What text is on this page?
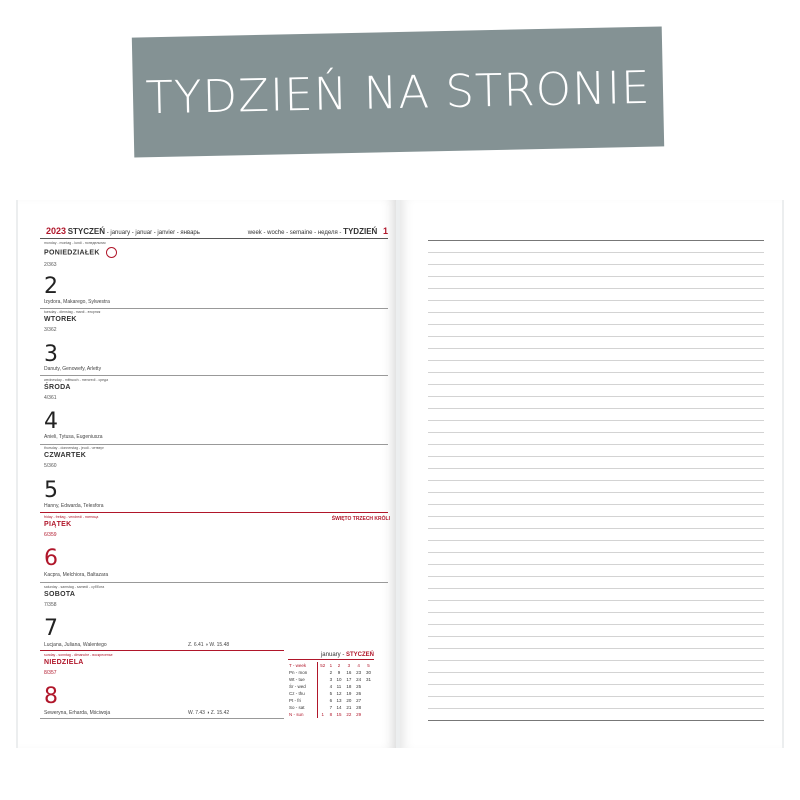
TYDZIEŃ NA STRONIE
2023 STYCZEŃ - january - januar - janvier - январь	week - woche - semaine - неделя - TYDZIEŃ 1
monday - montag - lundi - понедельник
PONIEDZIAŁEK
2/363
2
Izydora, Makarego, Sylwestra
tuesday - dienstag - mardi - вторник
WTOREK
3/362
3
Danuty, Genowefy, Arletty
wednesday - mittwoch - mercredi - среда
ŚRODA
4/361
4
Anieli, Tytusa, Eugeniusza
thursday - donnerstag - jeudi - четверг
CZWARTEK
5/360
5
Hanny, Edwarda, Telesfora
friday - freitag - vendredi - пятница
PIĄTEK
6/359
ŚWIĘTO TRZECH KRÓLI
6
Kacpra, Melchiora, Baltazara
saturday - samstag - samedi - суббота
SOBOTA
7/358
7
Lucjana, Juliana, Walentego	Z. 6.41 ◑ W. 15.48
sunday - sonntag - dimanche - воскресенье
NIEDZIELA
8/357
8
Seweryna, Erharda, Mściwoja	W. 7.43 ◑ Z. 15.42
january - STYCZEŃ
T - week	52	1	2	3	4	5
Pn - mon		2	9	16	23	30
Wt - tue		3	10	17	24	31
Śr - wed		4	11	18	25	
Cz - thu		5	12	19	26	
Pt - fri		6	13	20	27	
So - sat		7	14	21	28	
N - sun	1	8	15	22	29	
